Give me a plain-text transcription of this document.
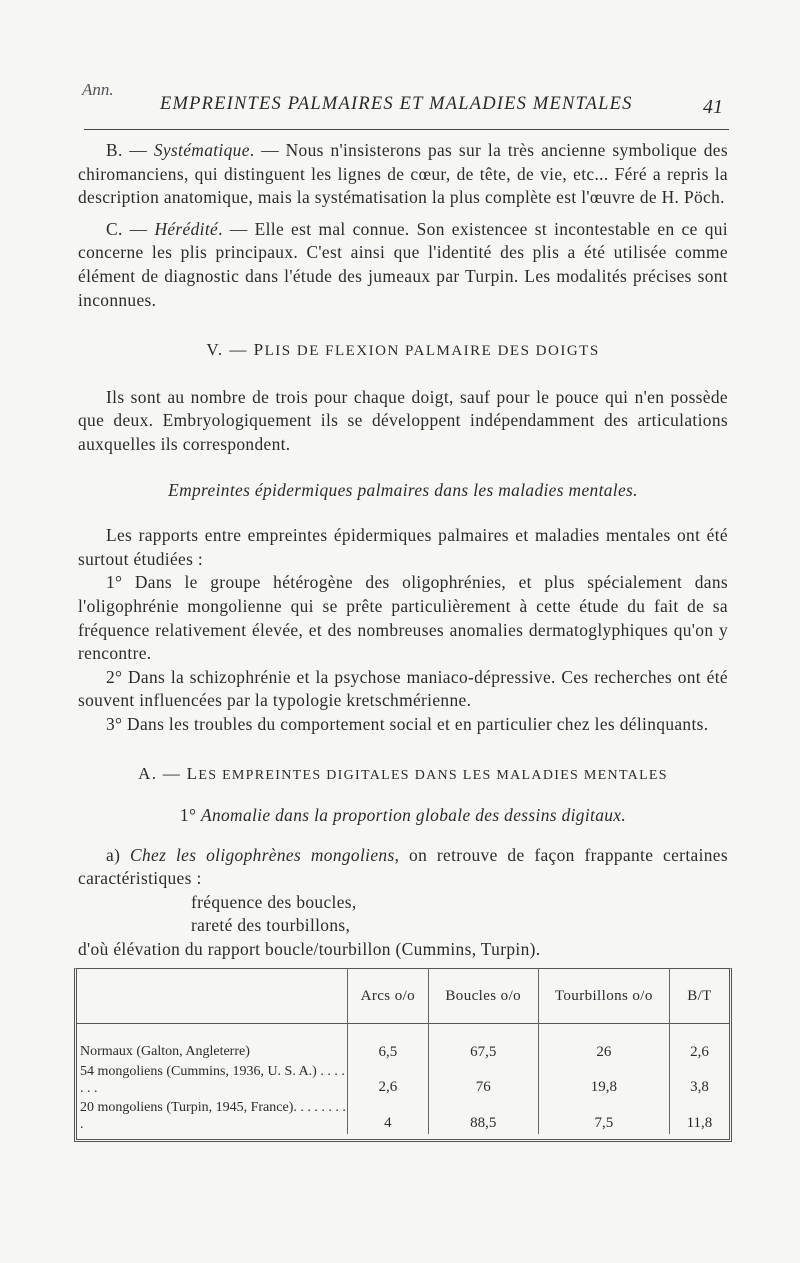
Ann.
EMPREINTES PALMAIRES ET MALADIES MENTALES	41

B. — Systématique. — Nous n'insisterons pas sur la très ancienne symbolique des chiromanciens, qui distinguent les lignes de cœur, de tête, de vie, etc... Féré a repris la description anatomique, mais la systématisation la plus complète est l'œuvre de H. Pöch.

C. — Hérédité. — Elle est mal connue. Son existencee st incontestable en ce qui concerne les plis principaux. C'est ainsi que l'identité des plis a été utilisée comme élément de diagnostic dans l'étude des jumeaux par Turpin. Les modalités précises sont inconnues.

V. — PLIS DE FLEXION PALMAIRE DES DOIGTS

Ils sont au nombre de trois pour chaque doigt, sauf pour le pouce qui n'en possède que deux. Embryologiquement ils se développent indépendamment des articulations auxquelles ils correspondent.

Empreintes épidermiques palmaires dans les maladies mentales.

Les rapports entre empreintes épidermiques palmaires et maladies mentales ont été surtout étudiées :

1° Dans le groupe hétérogène des oligophrénies, et plus spécialement dans l'oligophrénie mongolienne qui se prête particulièrement à cette étude du fait de sa fréquence relativement élevée, et des nombreuses anomalies dermatoglyphiques qu'on y rencontre.

2° Dans la schizophrénie et la psychose maniaco-dépressive. Ces recherches ont été souvent influencées par la typologie kretschmérienne.

3° Dans les troubles du comportement social et en particulier chez les délinquants.

A. — LES EMPREINTES DIGITALES DANS LES MALADIES MENTALES

1° Anomalie dans la proportion globale des dessins digitaux.

a) Chez les oligophrènes mongoliens, on retrouve de façon frappante certaines caractéristiques :

fréquence des boucles,

rareté des tourbillons,

d'où élévation du rapport boucle/tourbillon (Cummins, Turpin).

	Arcs o/o	Boucles o/o	Tourbillons o/o	B/T
Normaux (Galton, Angleterre)	6,5	67,5	26	2,6
54 mongoliens (Cummins, 1936, U. S. A.) . . . . . . .	2,6	76	19,8	3,8
20 mongoliens (Turpin, 1945, France). . . . . . . . .	4	88,5	7,5	11,8
